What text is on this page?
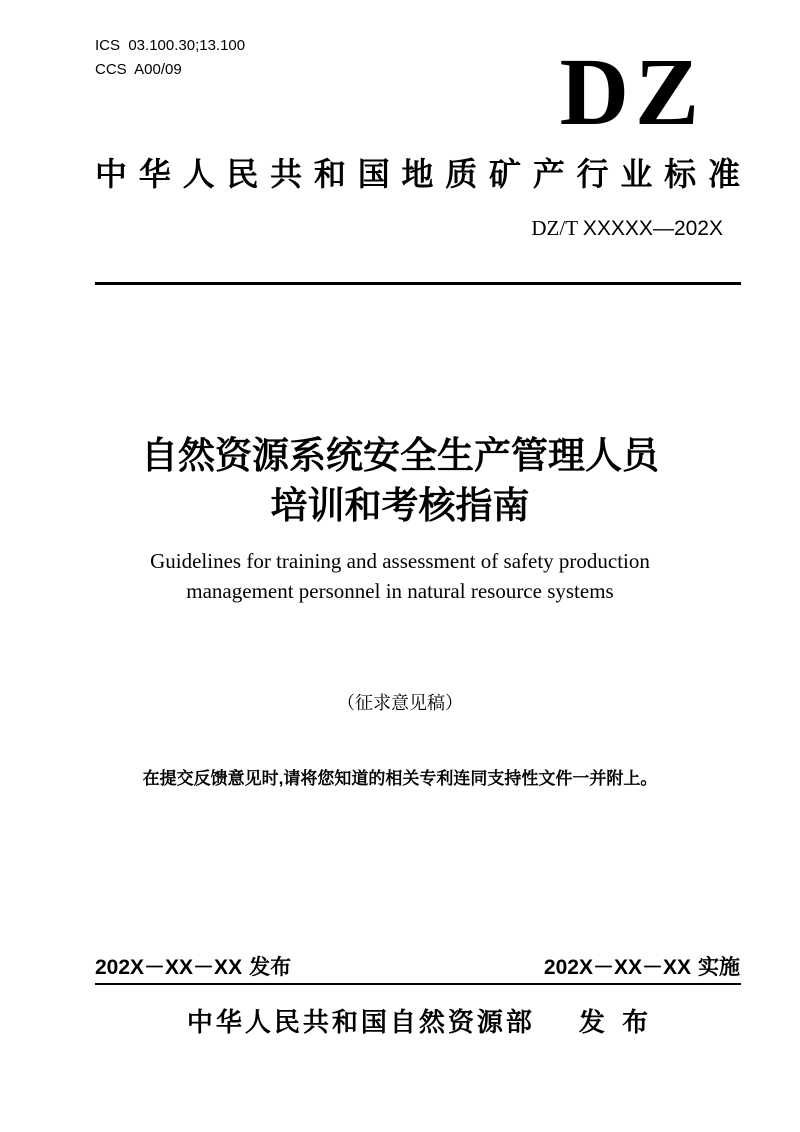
ICS  03.100.30;13.100
CCS  A00/09	DZ
中 华 人 民 共 和 国 地 质 矿 产 行 业 标 准
DZ/T XXXXX—202X
自然资源系统安全生产管理人员
培训和考核指南
Guidelines for training and assessment of safety production
management personnel in natural resource systems
（征求意见稿）
在提交反馈意见时,请将您知道的相关专利连同支持性文件一并附上。
202X－XX－XX 发布	202X－XX－XX 实施
中华人民共和国自然资源部 发 布
